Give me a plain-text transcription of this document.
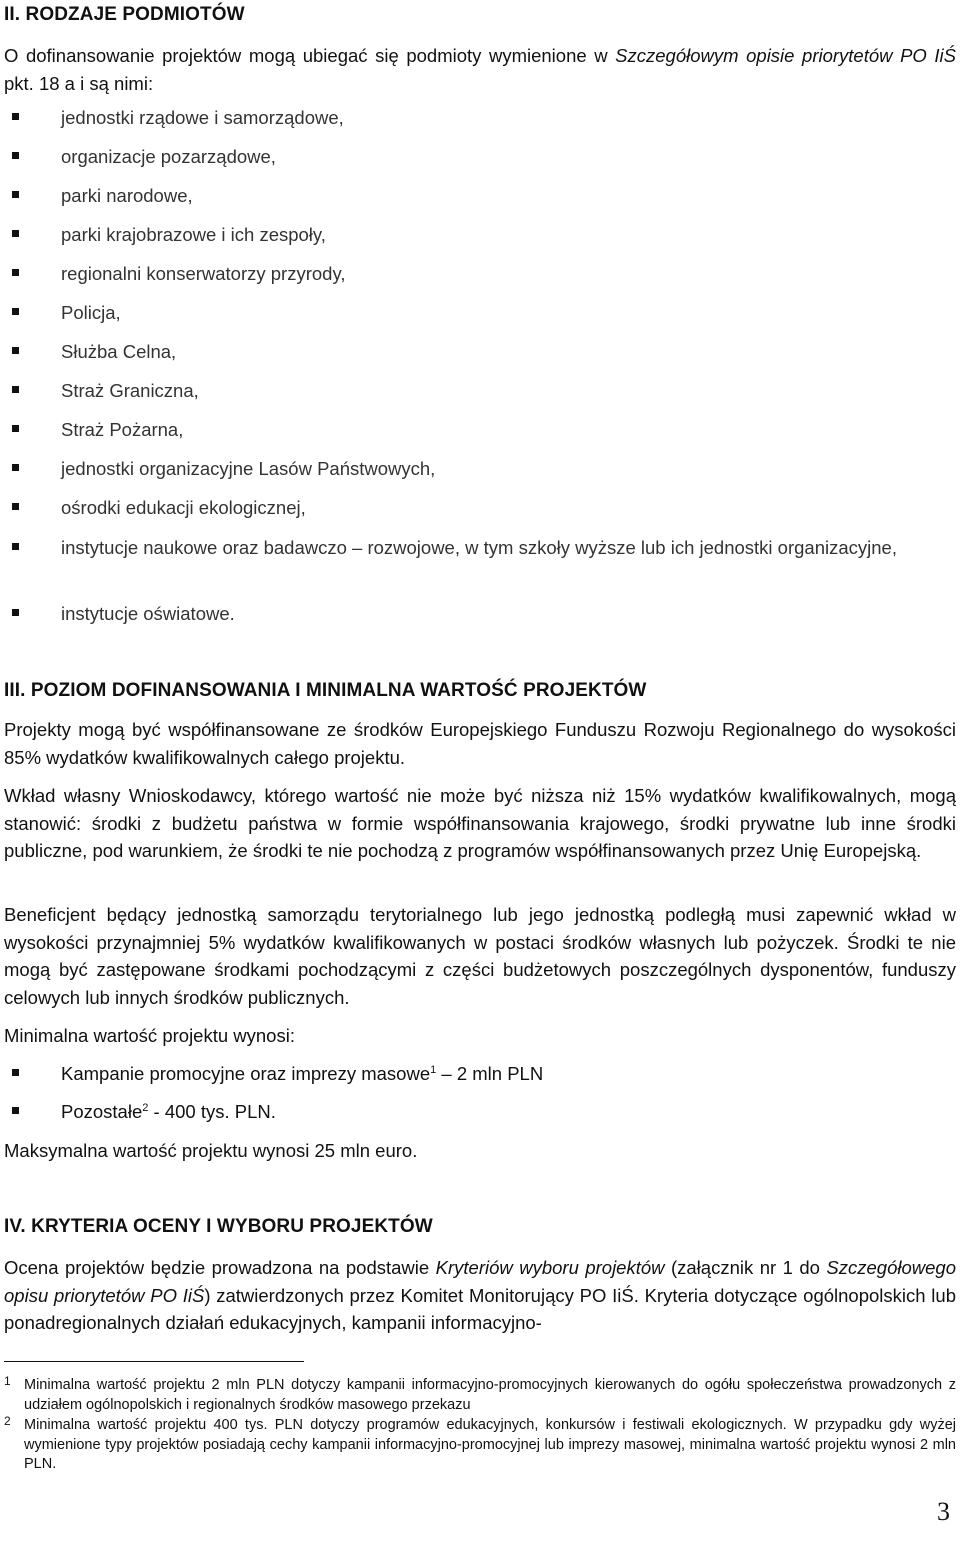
II. RODZAJE PODMIOTÓW
O dofinansowanie projektów mogą ubiegać się podmioty wymienione w Szczegółowym opisie priorytetów PO IiŚ pkt. 18 a i są nimi:
jednostki rządowe i samorządowe,
organizacje pozarządowe,
parki narodowe,
parki krajobrazowe i ich zespoły,
regionalni konserwatorzy przyrody,
Policja,
Służba Celna,
Straż Graniczna,
Straż Pożarna,
jednostki organizacyjne Lasów Państwowych,
ośrodki edukacji ekologicznej,
instytucje naukowe oraz badawczo – rozwojowe, w tym szkoły wyższe lub ich jednostki organizacyjne,
instytucje oświatowe.
III. POZIOM DOFINANSOWANIA I MINIMALNA WARTOŚĆ PROJEKTÓW
Projekty mogą być współfinansowane ze środków Europejskiego Funduszu Rozwoju Regionalnego do wysokości 85% wydatków kwalifikowalnych całego projektu.
Wkład własny Wnioskodawcy, którego wartość nie może być niższa niż 15% wydatków kwalifikowalnych, mogą stanowić: środki z budżetu państwa w formie współfinansowania krajowego, środki prywatne lub inne środki publiczne, pod warunkiem, że środki te nie pochodzą z programów współfinansowanych przez Unię Europejską.
Beneficjent będący jednostką samorządu terytorialnego lub jego jednostką podległą musi zapewnić wkład w wysokości przynajmniej 5% wydatków kwalifikowanych w postaci środków własnych lub pożyczek. Środki te nie mogą być zastępowane środkami pochodzącymi z części budżetowych poszczególnych dysponentów, funduszy celowych lub innych środków publicznych.
Minimalna wartość projektu wynosi:
Kampanie promocyjne oraz imprezy masowe$^1$ – 2 mln PLN
Pozostałe$^2$ - 400 tys. PLN.
Maksymalna wartość projektu wynosi 25 mln euro.
IV. KRYTERIA OCENY I WYBORU PROJEKTÓW
Ocena projektów będzie prowadzona na podstawie Kryteriów wyboru projektów (załącznik nr 1 do Szczegółowego opisu priorytetów PO IiŚ) zatwierdzonych przez Komitet Monitorujący PO IiŚ. Kryteria dotyczące ogólnopolskich lub ponadregionalnych działań edukacyjnych, kampanii informacyjno-
1 Minimalna wartość projektu 2 mln PLN dotyczy kampanii informacyjno-promocyjnych kierowanych do ogółu społeczeństwa prowadzonych z udziałem ogólnopolskich i regionalnych środków masowego przekazu
2 Minimalna wartość projektu 400 tys. PLN dotyczy programów edukacyjnych, konkursów i festiwali ekologicznych. W przypadku gdy wyżej wymienione typy projektów posiadają cechy kampanii informacyjno-promocyjnej lub imprezy masowej, minimalna wartość projektu wynosi 2 mln PLN.
3
